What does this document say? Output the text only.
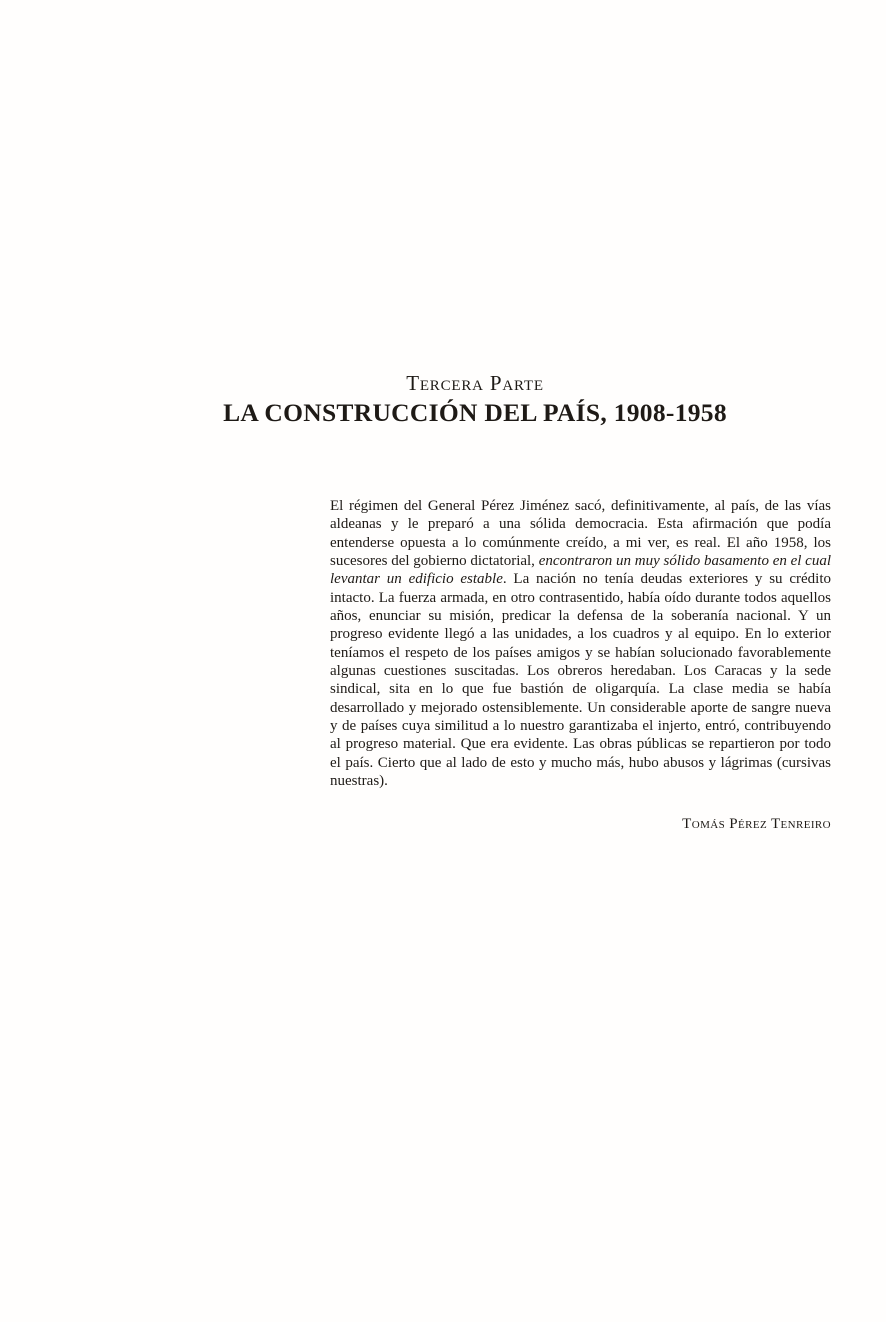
Tercera Parte
LA CONSTRUCCIÓN DEL PAÍS, 1908-1958

El régimen del General Pérez Jiménez sacó, definitivamente, al país, de las vías aldeanas y le preparó a una sólida democracia. Esta afirmación que podía entenderse opuesta a lo comúnmente creído, a mi ver, es real. El año 1958, los sucesores del gobierno dictatorial, encontraron un muy sólido basamento en el cual levantar un edificio estable. La nación no tenía deudas exteriores y su crédito intacto. La fuerza armada, en otro contrasentido, había oído durante todos aquellos años, enunciar su misión, predicar la defensa de la soberanía nacional. Y un progreso evidente llegó a las unidades, a los cuadros y al equipo. En lo exterior teníamos el respeto de los países amigos y se habían solucionado favorablemente algunas cuestiones suscitadas. Los obreros heredaban. Los Caracas y la sede sindical, sita en lo que fue bastión de oligarquía. La clase media se había desarrollado y mejorado ostensiblemente. Un considerable aporte de sangre nueva y de países cuya similitud a lo nuestro garantizaba el injerto, entró, contribuyendo al progreso material. Que era evidente. Las obras públicas se repartieron por todo el país. Cierto que al lado de esto y mucho más, hubo abusos y lágrimas (cursivas nuestras).

Tomás Pérez Tenreiro
